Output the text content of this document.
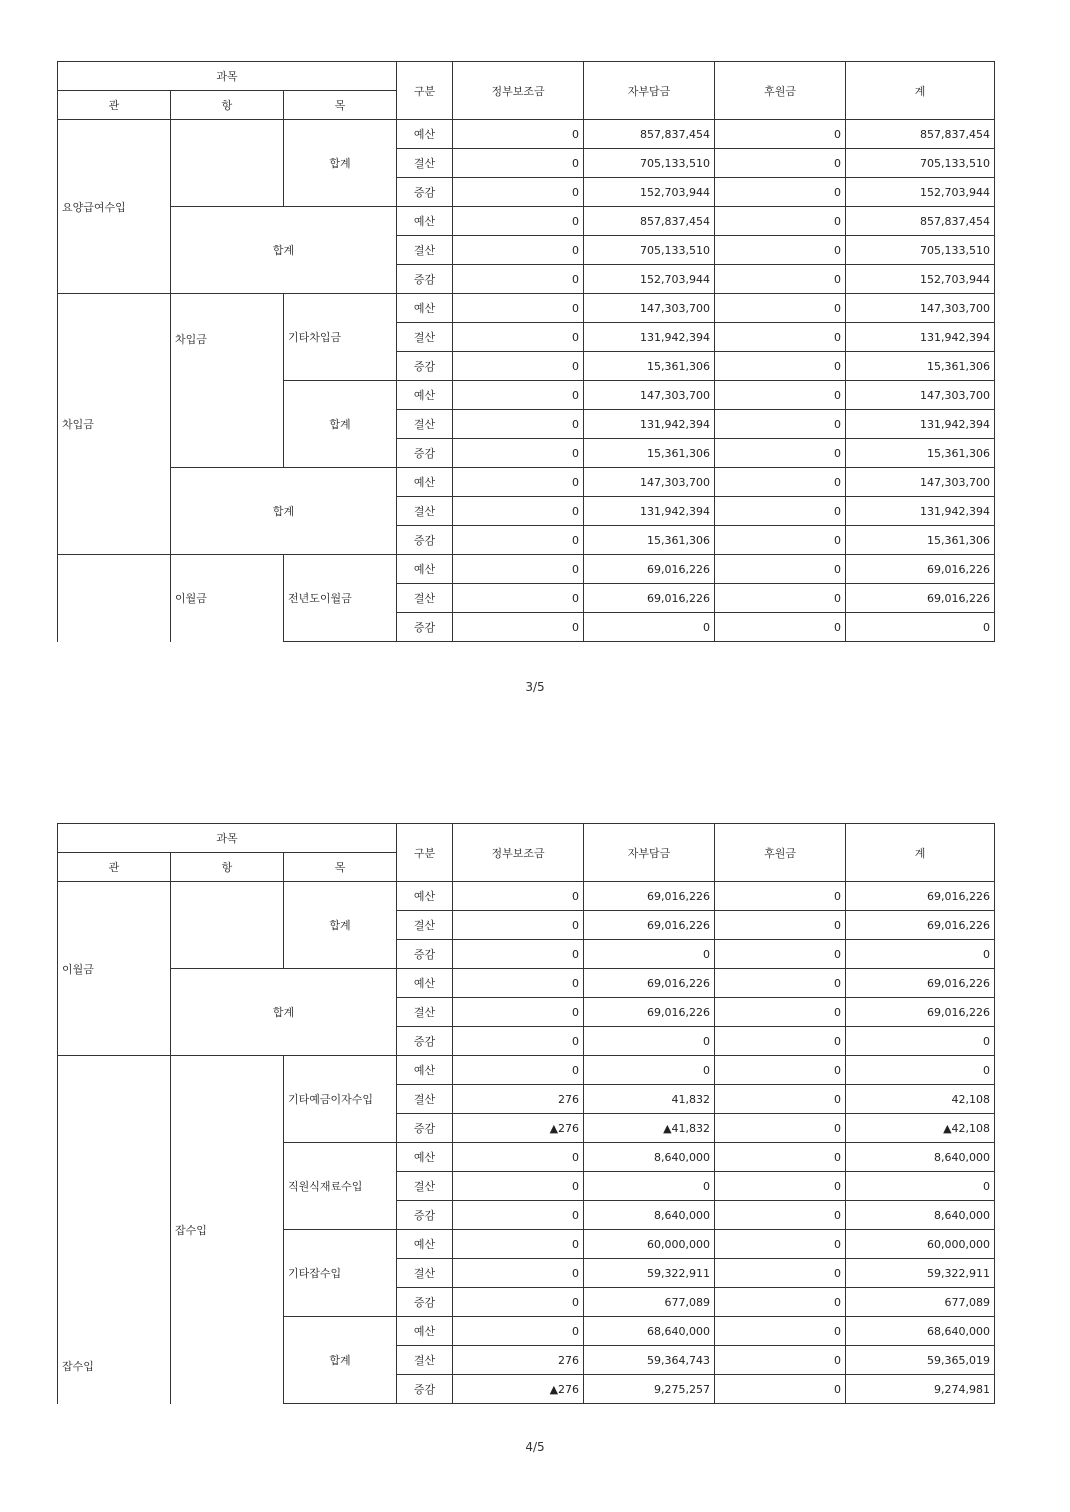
과목			구분	정부보조금	자부담금	후원금	계
관	항	목					
요양급여수입		합계	예산	0	857,837,454	0	857,837,454
			결산	0	705,133,510	0	705,133,510
			증감	0	152,703,944	0	152,703,944
	합계		예산	0	857,837,454	0	857,837,454
			결산	0	705,133,510	0	705,133,510
			증감	0	152,703,944	0	152,703,944
차입금	차입금	기타차입금	예산	0	147,303,700	0	147,303,700
			결산	0	131,942,394	0	131,942,394
			증감	0	15,361,306	0	15,361,306
		합계	예산	0	147,303,700	0	147,303,700
			결산	0	131,942,394	0	131,942,394
			증감	0	15,361,306	0	15,361,306
	합계		예산	0	147,303,700	0	147,303,700
			결산	0	131,942,394	0	131,942,394
			증감	0	15,361,306	0	15,361,306
	이월금	전년도이월금	예산	0	69,016,226	0	69,016,226
			결산	0	69,016,226	0	69,016,226
			증감	0	0	0	0
3/5
과목			구분	정부보조금	자부담금	후원금	계
관	항	목					
이월금		합계	예산	0	69,016,226	0	69,016,226
			결산	0	69,016,226	0	69,016,226
			증감	0	0	0	0
	합계		예산	0	69,016,226	0	69,016,226
			결산	0	69,016,226	0	69,016,226
			증감	0	0	0	0
잡수입	잡수입	기타예금이자수입	예산	0	0	0	0
			결산	276	41,832	0	42,108
			증감	▲276	▲41,832	0	▲42,108
		직원식재료수입	예산	0	8,640,000	0	8,640,000
			결산	0	0	0	0
			증감	0	8,640,000	0	8,640,000
		기타잡수입	예산	0	60,000,000	0	60,000,000
			결산	0	59,322,911	0	59,322,911
			증감	0	677,089	0	677,089
		합계	예산	0	68,640,000	0	68,640,000
			결산	276	59,364,743	0	59,365,019
			증감	▲276	9,275,257	0	9,274,981
4/5
